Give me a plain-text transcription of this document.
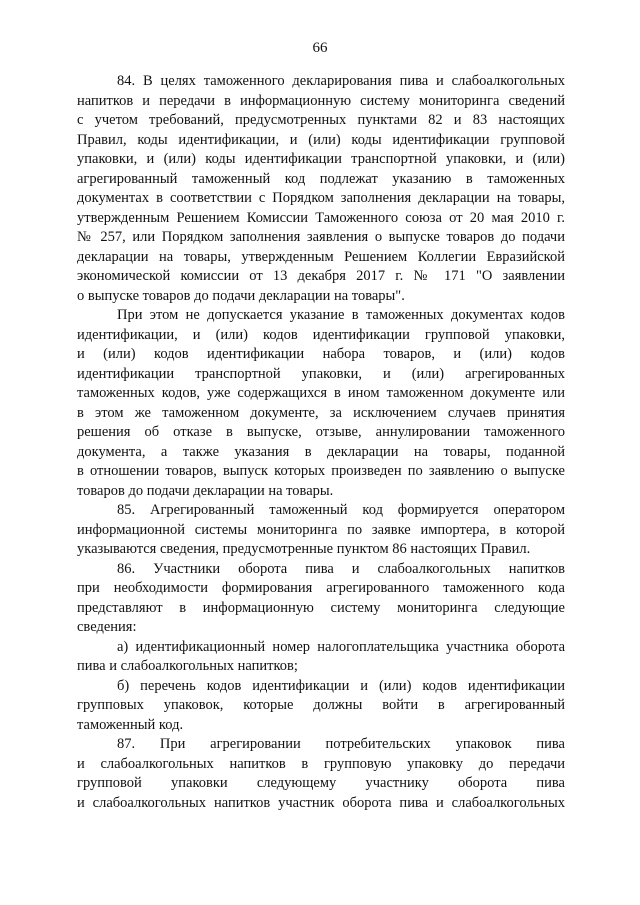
66
84. В целях таможенного декларирования пива и слабоалкогольных
напитков и передачи в информационную систему мониторинга сведений
с учетом требований, предусмотренных пунктами 82 и 83 настоящих
Правил, коды идентификации, и (или) коды идентификации групповой
упаковки, и (или) коды идентификации транспортной упаковки, и (или)
агрегированный таможенный код подлежат указанию в таможенных
документах в соответствии с Порядком заполнения декларации на товары,
утвержденным Решением Комиссии Таможенного союза от 20 мая 2010 г.
№ 257, или Порядком заполнения заявления о выпуске товаров до подачи
декларации на товары, утвержденным Решением Коллегии Евразийской
экономической комиссии от 13 декабря 2017 г. № 171 "О заявлении
о выпуске товаров до подачи декларации на товары".
При этом не допускается указание в таможенных документах кодов
идентификации, и (или) кодов идентификации групповой упаковки,
и (или) кодов идентификации набора товаров, и (или) кодов
идентификации транспортной упаковки, и (или) агрегированных
таможенных кодов, уже содержащихся в ином таможенном документе или
в этом же таможенном документе, за исключением случаев принятия
решения об отказе в выпуске, отзыве, аннулировании таможенного
документа, а также указания в декларации на товары, поданной
в отношении товаров, выпуск которых произведен по заявлению о выпуске
товаров до подачи декларации на товары.
85. Агрегированный таможенный код формируется оператором
информационной системы мониторинга по заявке импортера, в которой
указываются сведения, предусмотренные пунктом 86 настоящих Правил.
86. Участники оборота пива и слабоалкогольных напитков
при необходимости формирования агрегированного таможенного кода
представляют в информационную систему мониторинга следующие
сведения:
а) идентификационный номер налогоплательщика участника оборота
пива и слабоалкогольных напитков;
б) перечень кодов идентификации и (или) кодов идентификации
групповых упаковок, которые должны войти в агрегированный
таможенный код.
87. При агрегировании потребительских упаковок пива
и слабоалкогольных напитков в групповую упаковку до передачи
групповой упаковки следующему участнику оборота пива
и слабоалкогольных напитков участник оборота пива и слабоалкогольных
